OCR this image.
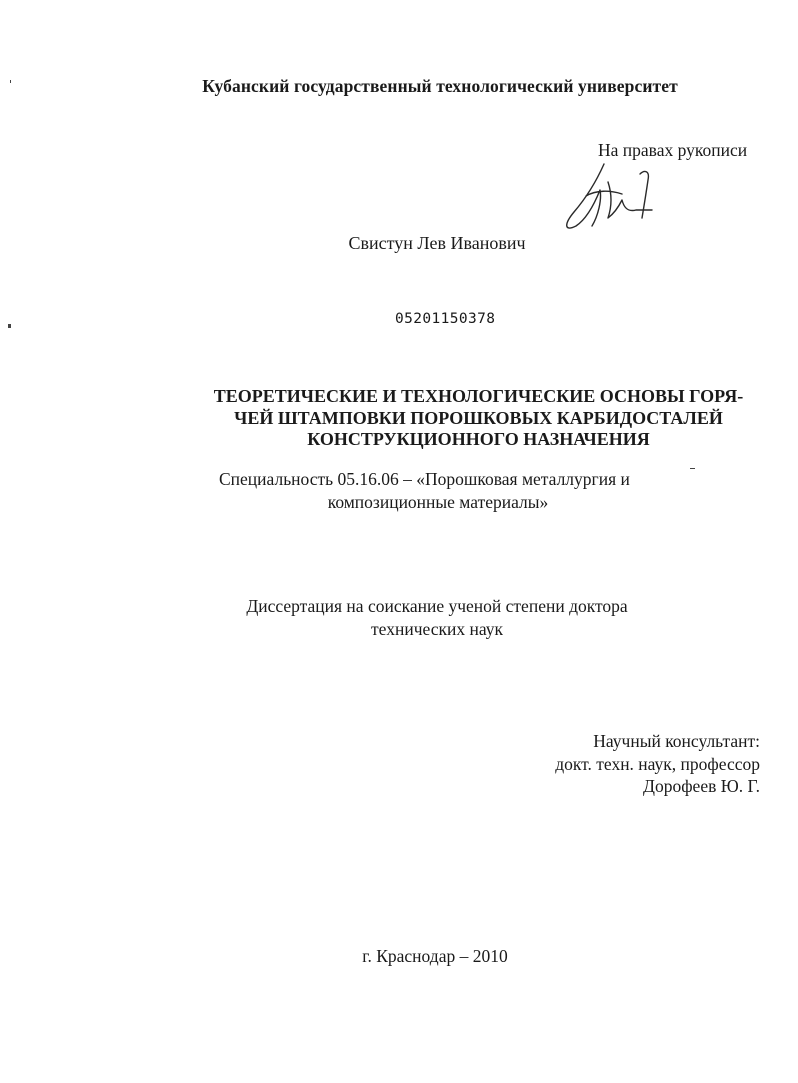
Кубанский государственный технологический университет
На правах рукописи
Свистун Лев Иванович
05201150378
ТЕОРЕТИЧЕСКИЕ И ТЕХНОЛОГИЧЕСКИЕ ОСНОВЫ ГОРЯ-
ЧЕЙ ШТАМПОВКИ ПОРОШКОВЫХ КАРБИДОСТАЛЕЙ
КОНСТРУКЦИОННОГО НАЗНАЧЕНИЯ
Специальность 05.16.06 – «Порошковая металлургия и
композиционные материалы»
Диссертация на соискание ученой степени доктора
технических наук
Научный консультант:
докт. техн. наук, профессор
Дорофеев Ю. Г.
г. Краснодар – 2010
